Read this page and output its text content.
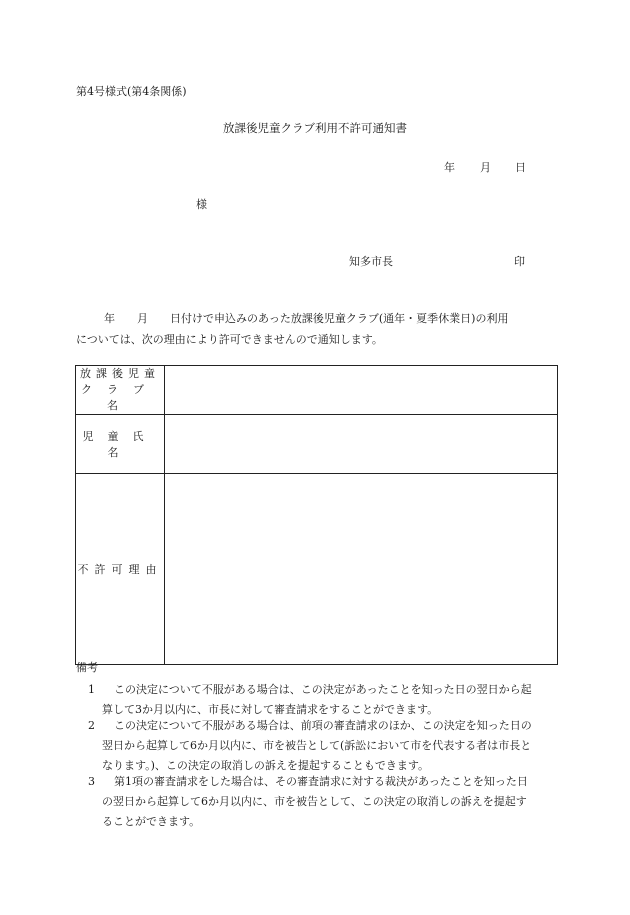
第4号様式(第4条関係)
放課後児童クラブ利用不許可通知書
年 月 日
様
知多市長	印
年 月 日付けで申込みのあった放課後児童クラブ(通年・夏季休業日)の利用
については、次の理由により許可できませんので通知します。
放課後児童
クラブ名	

児童氏名	
不許可理由	
備考
1	この決定について不服がある場合は、この決定があったことを知った日の翌日から起
算して3か月以内に、市長に対して審査請求をすることができます。
2	この決定について不服がある場合は、前項の審査請求のほか、この決定を知った日の
翌日から起算して6か月以内に、市を被告として(訴訟において市を代表する者は市長と
なります。)、この決定の取消しの訴えを提起することもできます。
3	第1項の審査請求をした場合は、その審査請求に対する裁決があったことを知った日
の翌日から起算して6か月以内に、市を被告として、この決定の取消しの訴えを提起す
ることができます。
